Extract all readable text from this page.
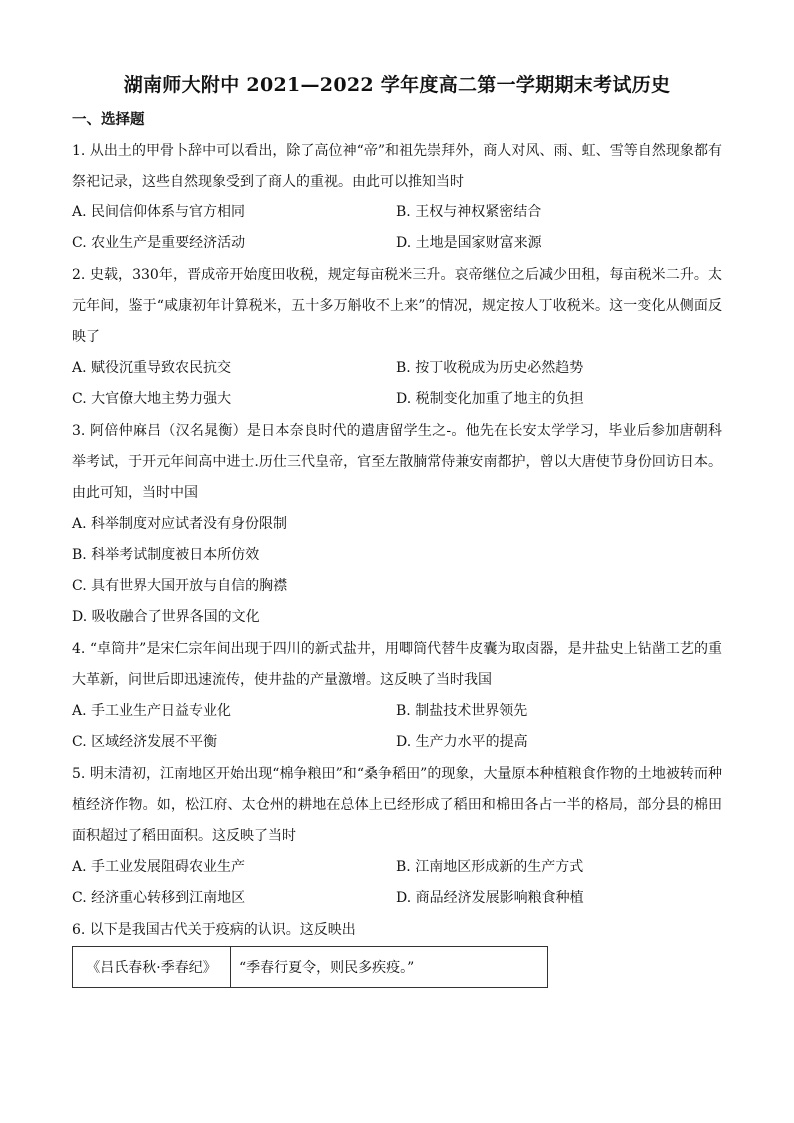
湖南师大附中 2021—2022 学年度高二第一学期期末考试历史
一、选择题
1. 从出土的甲骨卜辞中可以看出，除了高位神“帝”和祖先崇拜外，商人对风、雨、虹、雪等自然现象都有祭祀记录，这些自然现象受到了商人的重视。由此可以推知当时
A. 民间信仰体系与官方相同	B. 王权与神权紧密结合
C. 农业生产是重要经济活动	D. 土地是国家财富来源
2. 史载，330年，晋成帝开始度田收税，规定每亩税米三升。哀帝继位之后减少田租，每亩税米二升。太元年间，鉴于“咸康初年计算税米，五十多万斛收不上来”的情况，规定按人丁收税米。这一变化从侧面反映了
A. 赋役沉重导致农民抗交	B. 按丁收税成为历史必然趋势
C. 大官僚大地主势力强大	D. 税制变化加重了地主的负担
3. 阿倍仲麻吕（汉名晁衡）是日本奈良时代的遣唐留学生之-。他先在长安太学学习，毕业后参加唐朝科举考试，于开元年间高中进士.历仕三代皇帝，官至左散腩常侍兼安南都护，曾以大唐使节身份回访日本。由此可知，当时中国
A. 科举制度对应试者没有身份限制
B. 科举考试制度被日本所仿效
C. 具有世界大国开放与自信的胸襟
D. 吸收融合了世界各国的文化
4. “卓筒井”是宋仁宗年间出现于四川的新式盐井，用唧筒代替牛皮囊为取卤器，是井盐史上钻凿工艺的重大革新，问世后即迅速流传，使井盐的产量激增。这反映了当时我国
A. 手工业生产日益专业化	B. 制盐技术世界领先
C. 区域经济发展不平衡	D. 生产力水平的提高
5. 明末清初，江南地区开始出现“棉争粮田”和“桑争稻田”的现象，大量原本种植粮食作物的土地被转而种植经济作物。如，松江府、太仓州的耕地在总体上已经形成了稻田和棉田各占一半的格局，部分县的棉田面积超过了稻田面积。这反映了当时
A. 手工业发展阻碍农业生产	B. 江南地区形成新的生产方式
C. 经济重心转移到江南地区	D. 商品经济发展影响粮食种植
6. 以下是我国古代关于疫病的认识。这反映出
《吕氏春秋·季春纪》	“季春行夏令，则民多疾疫。”
